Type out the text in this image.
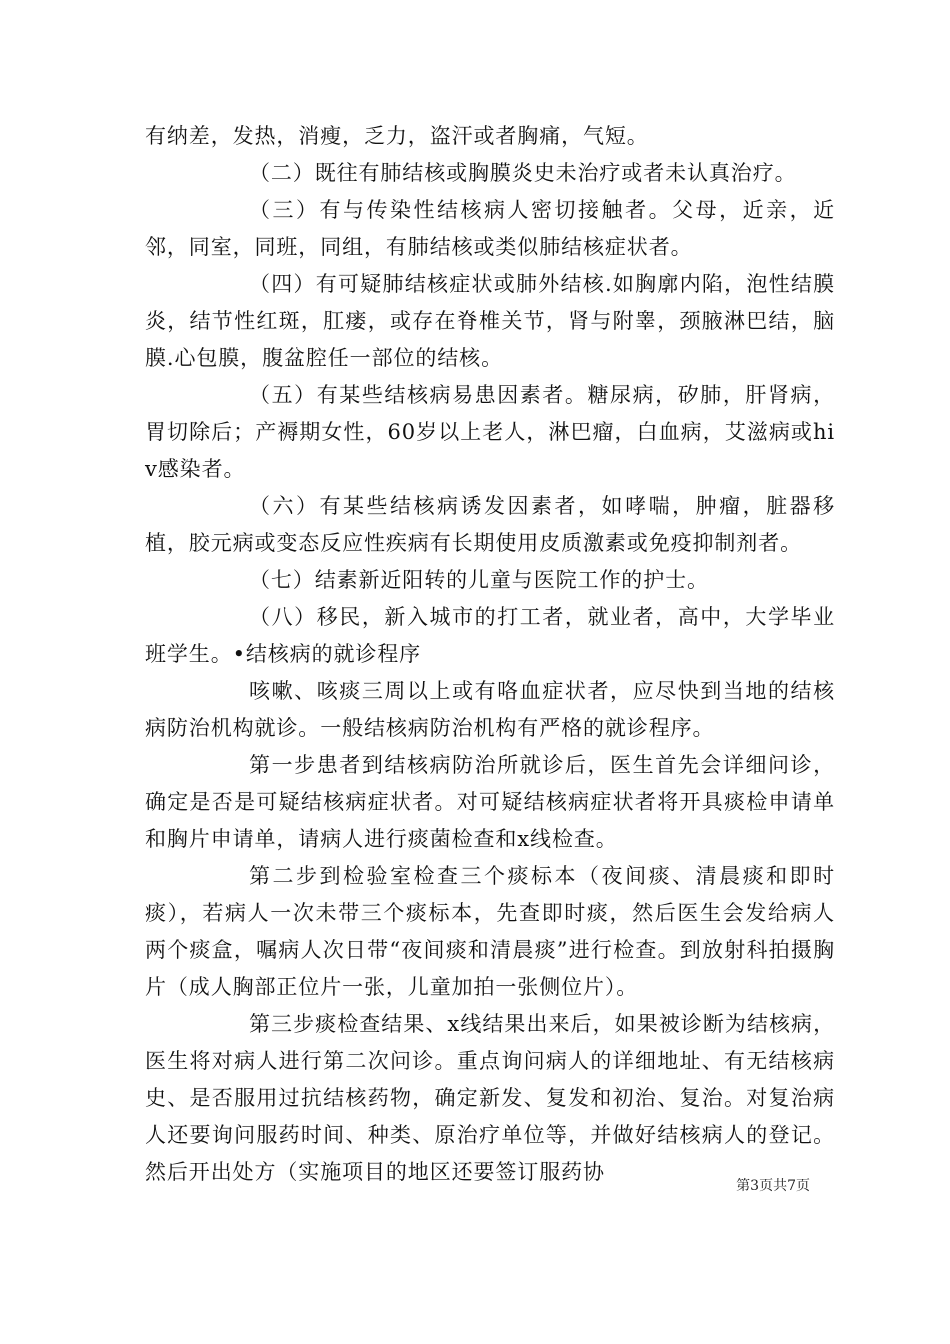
有纳差，发热，消瘦，乏力，盗汗或者胸痛，气短。

（二）既往有肺结核或胸膜炎史未治疗或者未认真治疗。

（三）有与传染性结核病人密切接触者。父母，近亲，近邻，同室，同班，同组，有肺结核或类似肺结核症状者。

（四）有可疑肺结核症状或肺外结核.如胸廓内陷，泡性结膜炎，结节性红斑，肛瘘，或存在脊椎关节，肾与附睾，颈腋淋巴结，脑膜.心包膜，腹盆腔任一部位的结核。

（五）有某些结核病易患因素者。糖尿病，矽肺，肝肾病，胃切除后；产褥期女性，60岁以上老人，淋巴瘤，白血病，艾滋病或hiv感染者。

（六）有某些结核病诱发因素者，如哮喘，肿瘤，脏器移植，胶元病或变态反应性疾病有长期使用皮质激素或免疫抑制剂者。

（七）结素新近阳转的儿童与医院工作的护士。

（八）移民，新入城市的打工者，就业者，高中，大学毕业班学生。•结核病的就诊程序

咳嗽、咳痰三周以上或有咯血症状者，应尽快到当地的结核病防治机构就诊。一般结核病防治机构有严格的就诊程序。

第一步患者到结核病防治所就诊后，医生首先会详细问诊，确定是否是可疑结核病症状者。对可疑结核病症状者将开具痰检申请单和胸片申请单，请病人进行痰菌检查和x线检查。

第二步到检验室检查三个痰标本（夜间痰、清晨痰和即时痰），若病人一次未带三个痰标本，先查即时痰，然后医生会发给病人两个痰盒，嘱病人次日带“夜间痰和清晨痰”进行检查。到放射科拍摄胸片（成人胸部正位片一张，儿童加拍一张侧位片）。

第三步痰检查结果、x线结果出来后，如果被诊断为结核病，医生将对病人进行第二次问诊。重点询问病人的详细地址、有无结核病史、是否服用过抗结核药物，确定新发、复发和初治、复治。对复治病人还要询问服药时间、种类、原治疗单位等，并做好结核病人的登记。然后开出处方（实施项目的地区还要签订服药协

第3页共7页
